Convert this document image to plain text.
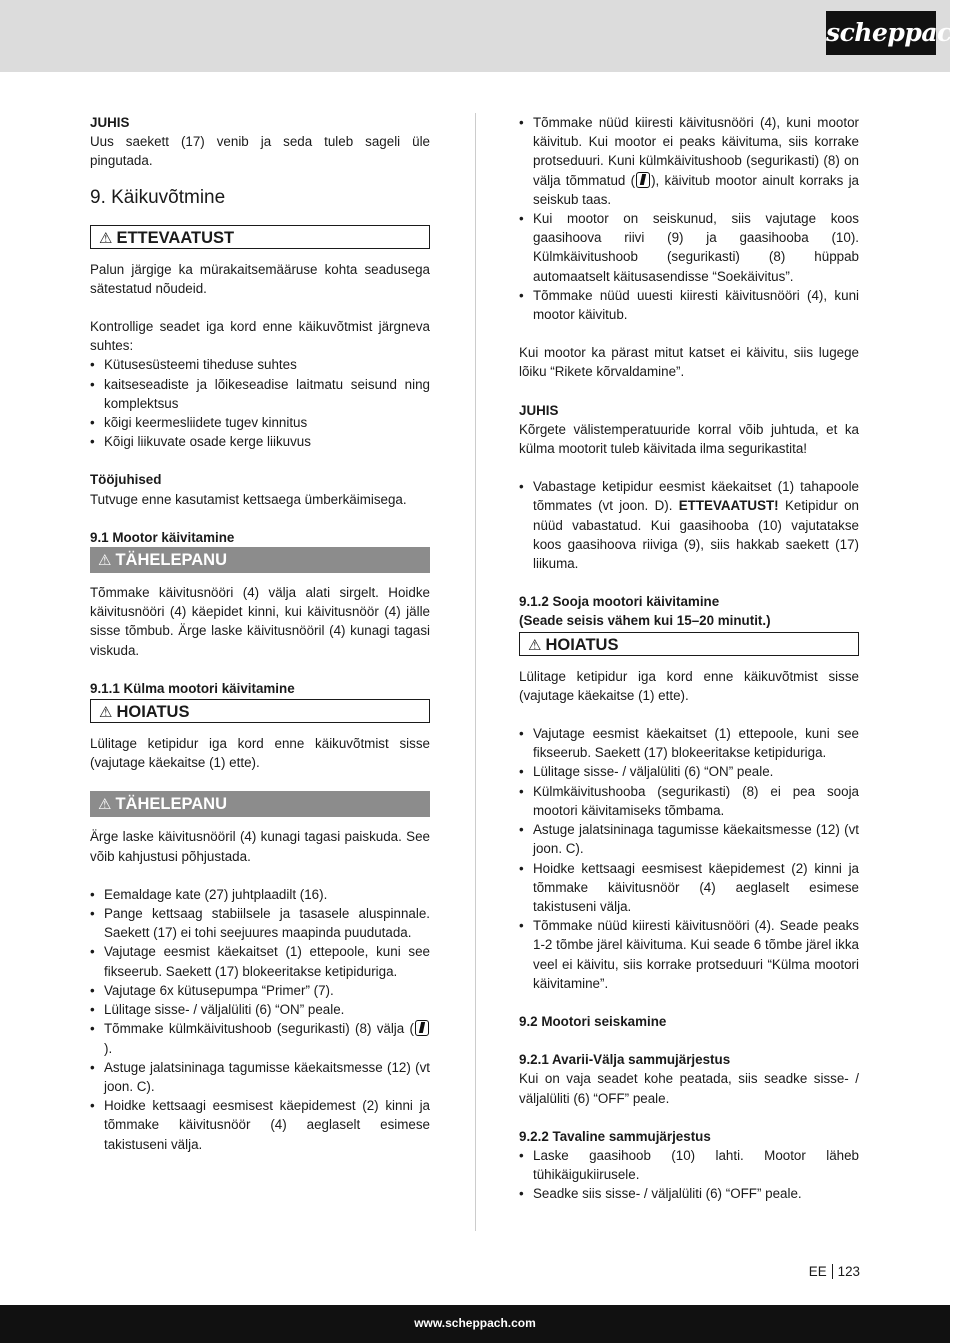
scheppach

JUHIS

Uus saekett (17) venib ja seda tuleb sageli üle pingutada.

9. Käikuvõtmine
⚠ ETTEVAATUST

Palun järgige ka mürakaitsemääruse kohta seadusega sätestatud nõudeid.

Kontrollige seadet iga kord enne käikuvõtmist järgneva suhtes:

• Kütusesüsteemi tiheduse suhtes
• kaitseseadiste ja lõikeseadise laitmatu seisund ning komplektsus
• kõigi keermesliidete tugev kinnitus
• Kõigi liikuvate osade kerge liikuvus

Tööjuhised

Tutvuge enne kasutamist kettsaega ümberkäimisega.

9.1 Mootor käivitamine

⚠ TÄHELEPANU

Tõmmake käivitusnööri (4) välja alati sirgelt. Hoidke käivitusnööri (4) käepidet kinni, kui käivitusnöör (4) jälle sisse tõmbub. Ärge laske käivitusnööril (4) kunagi tagasi viskuda.

9.1.1 Külma mootori käivitamine

⚠ HOIATUS

Lülitage ketipidur iga kord enne käikuvõtmist sisse (vajutage käekaitse (1) ette).

⚠ TÄHELEPANU

Ärge laske käivitusnööril (4) kunagi tagasi paiskuda. See võib kahjustusi põhjustada.

• Eemaldage kate (27) juhtplaadilt (16).
• Pange kettsaag stabiilsele ja tasasele aluspinnale. Saekett (17) ei tohi seejuures maapinda puudutada.
• Vajutage eesmist käekaitset (1) ettepoole, kuni see fikseerub. Saekett (17) blokeeritakse ketipiduriga.
• Vajutage 6x kütusepumpa “Primer” (7).
• Lülitage sisse- / väljalüliti (6) “ON” peale.
• Tõmmake külmkäivitushoob (segurikasti) (8) välja ().
• Astuge jalatsininaga tagumisse käekaitsmesse (12) (vt joon. C).
• Hoidke kettsaagi eesmisest käepidemest (2) kinni ja tõmmake käivitusnöör (4) aeglaselt esimese takistuseni välja.
• Tõmmake nüüd kiiresti käivitusnööri (4), kuni mootor käivitub. Kui mootor ei peaks käivituma, siis korrake protseduuri. Kuni külmkäivitushoob (segurikasti) (8) on välja tõmmatud ( ), käivitub mootor ainult korraks ja seiskub taas.
• Kui mootor on seiskunud, siis vajutage koos gaasihoova riivi (9) ja gaasihooba (10). Külmkäivitushoob (segurikasti) (8) hüppab automaatselt käitusasendisse “Soekäivitus”.
• Tõmmake nüüd uuesti kiiresti käivitusnööri (4), kuni mootor käivitub.

Kui mootor ka pärast mitut katset ei käivitu, siis lugege lõiku “Rikete kõrvaldamine”.

JUHIS

Kõrgete välistemperatuuride korral võib juhtuda, et ka külma mootorit tuleb käivitada ilma segurikastita!

• Vabastage ketipidur eesmist käekaitset (1) tahapoole tõmmates (vt joon. D). ETTEVAATUST! Ketipidur on nüüd vabastatud. Kui gaasihooba (10) vajutatakse koos gaasihoova riiviga (9), siis hakkab saekett (17) liikuma.

9.1.2 Sooja mootori käivitamine

(Seade seisis vähem kui 15–20 minutit.)

⚠ HOIATUS

Lülitage ketipidur iga kord enne käikuvõtmist sisse (vajutage käekaitse (1) ette).

• Vajutage eesmist käekaitset (1) ettepoole, kuni see fikseerub. Saekett (17) blokeeritakse ketipiduriga.
• Lülitage sisse- / väljalüliti (6) “ON” peale.
• Külmkäivitushooba (segurikasti) (8) ei pea sooja mootori käivitamiseks tõmbama.
• Astuge jalatsininaga tagumisse käekaitsmesse (12) (vt joon. C).
• Hoidke kettsaagi eesmisest käepidemest (2) kinni ja tõmmake käivitusnöör (4) aeglaselt esimese takistuseni välja.
• Tõmmake nüüd kiiresti käivitusnööri (4). Seade peaks 1-2 tõmbe järel käivituma. Kui seade 6 tõmbe järel ikka veel ei käivitu, siis korrake protseduuri “Külma mootori käivitamine”.

9.2 Mootori seiskamine

9.2.1 Avarii-Välja sammujärjestus

Kui on vaja seadet kohe peatada, siis seadke sisse- / väljalüliti (6) “OFF” peale.

9.2.2 Tavaline sammujärjestus

• Laske gaasihoob (10) lahti. Mootor läheb tühikäigukiirusele.
• Seadke siis sisse- / väljalüliti (6) “OFF” peale.
EE 123
www.scheppach.com
